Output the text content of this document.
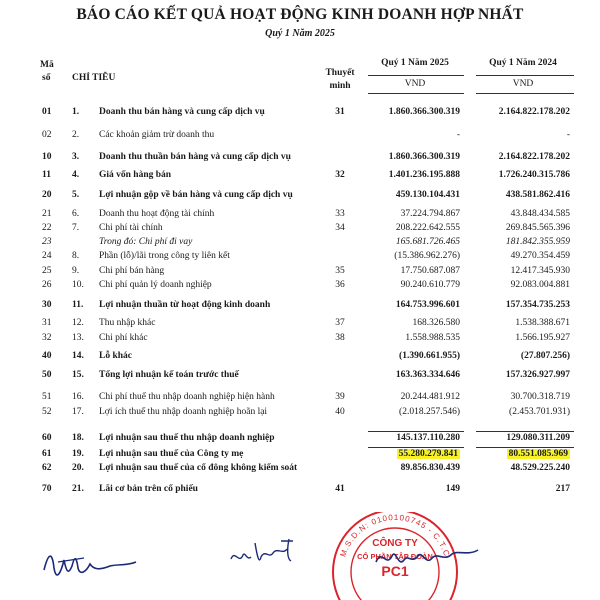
BÁO CÁO KẾT QUẢ HOẠT ĐỘNG KINH DOANH HỢP NHẤT
Quý 1 Năm 2025
Mã
số CHỈ TIÊU	Thuyết
minh
Quý 1 Năm 2025	Quý 1 Năm 2024
VND	VND
01 1. Doanh thu bán hàng và cung cấp dịch vụ	31	1.860.366.300.319	2.164.822.178.202
02 2. Các khoản giảm trừ doanh thu	-	-
10 3. Doanh thu thuần bán hàng và cung cấp dịch vụ	1.860.366.300.319	2.164.822.178.202
11 4. Giá vốn hàng bán	32	1.401.236.195.888	1.726.240.315.786
20 5. Lợi nhuận gộp về bán hàng và cung cấp dịch vụ	459.130.104.431	438.581.862.416
21 6. Doanh thu hoạt động tài chính	33	37.224.794.867	43.848.434.585
22 7. Chi phí tài chính	34	208.222.642.555	269.845.565.396
23	Trong đó: Chi phí đi vay	165.681.726.465	181.842.355.959
24 8. Phần (lỗ)/lãi trong công ty liên kết	(15.386.962.276)	49.270.354.459
25 9. Chi phí bán hàng	35	17.750.687.087	12.417.345.930
26 10. Chi phí quản lý doanh nghiệp	36	90.240.610.779	92.083.004.881
30 11. Lợi nhuận thuần từ hoạt động kinh doanh	164.753.996.601	157.354.735.253
31 12. Thu nhập khác	37	168.326.580	1.538.388.671
32 13. Chi phí khác	38	1.558.988.535	1.566.195.927
40 14. Lỗ khác	(1.390.661.955)	(27.807.256)
50 15. Tổng lợi nhuận kế toán trước thuế	163.363.334.646	157.326.927.997
51 16. Chi phí thuế thu nhập doanh nghiệp hiện hành	39	20.244.481.912	30.700.318.719
52 17. Lợi ích thuế thu nhập doanh nghiệp hoãn lại	40	(2.018.257.546)	(2.453.701.931)
60 18. Lợi nhuận sau thuế thu nhập doanh nghiệp	145.137.110.280	129.080.311.209
61 19. Lợi nhuận sau thuế của Công ty mẹ	55.280.279.841	80.551.085.969
62 20. Lợi nhuận sau thuế của cổ đông không kiểm soát	89.856.830.439	48.529.225.240
70 21. Lãi cơ bản trên cổ phiếu	41	149	217
M.S.D.N: 0100100745 - C.T.C
CÔNG TY
CỔ PHẦN TẬP ĐOÀN
PC1
